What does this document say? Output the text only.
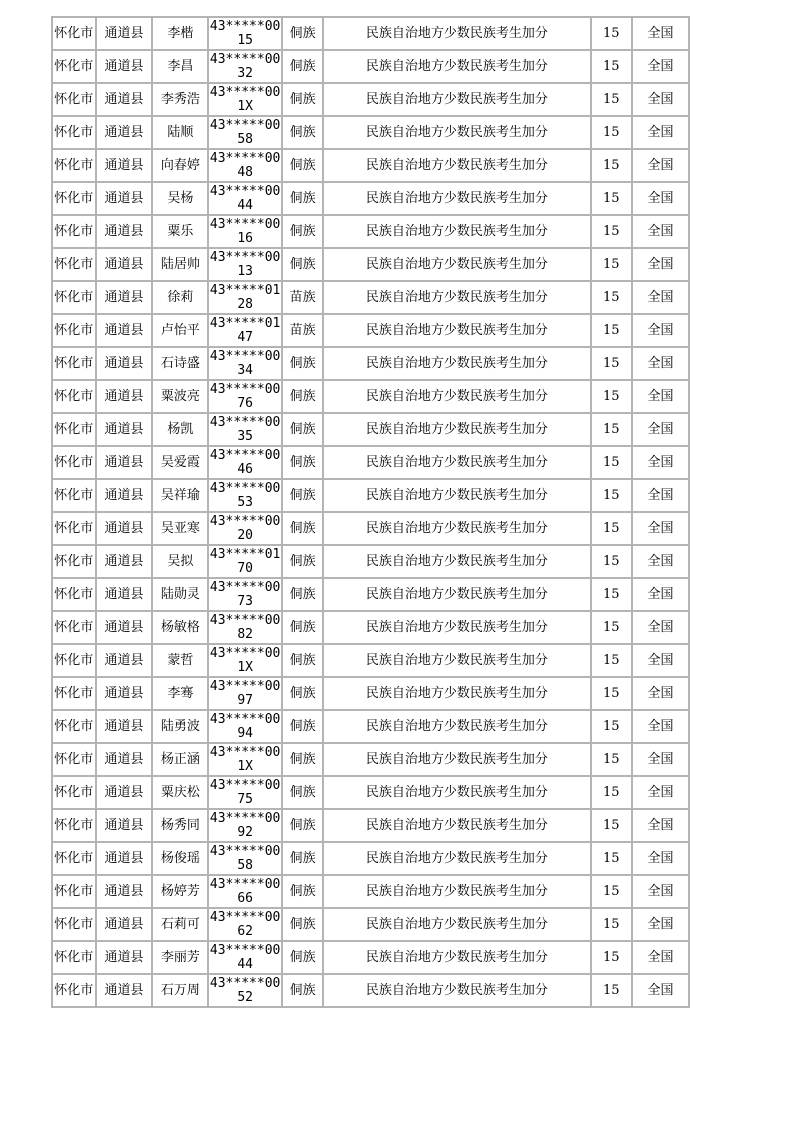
怀化市	通道县	李楷	43*****0015	侗族	民族自治地方少数民族考生加分	15	全国
怀化市	通道县	李昌	43*****0032	侗族	民族自治地方少数民族考生加分	15	全国
怀化市	通道县	李秀浩	43*****001X	侗族	民族自治地方少数民族考生加分	15	全国
怀化市	通道县	陆顺	43*****0058	侗族	民族自治地方少数民族考生加分	15	全国
怀化市	通道县	向春婷	43*****0048	侗族	民族自治地方少数民族考生加分	15	全国
怀化市	通道县	吴杨	43*****0044	侗族	民族自治地方少数民族考生加分	15	全国
怀化市	通道县	粟乐	43*****0016	侗族	民族自治地方少数民族考生加分	15	全国
怀化市	通道县	陆居帅	43*****0013	侗族	民族自治地方少数民族考生加分	15	全国
怀化市	通道县	徐莉	43*****0128	苗族	民族自治地方少数民族考生加分	15	全国
怀化市	通道县	卢怡平	43*****0147	苗族	民族自治地方少数民族考生加分	15	全国
怀化市	通道县	石诗盛	43*****0034	侗族	民族自治地方少数民族考生加分	15	全国
怀化市	通道县	粟波亮	43*****0076	侗族	民族自治地方少数民族考生加分	15	全国
怀化市	通道县	杨凯	43*****0035	侗族	民族自治地方少数民族考生加分	15	全国
怀化市	通道县	吴爱霞	43*****0046	侗族	民族自治地方少数民族考生加分	15	全国
怀化市	通道县	吴祥瑜	43*****0053	侗族	民族自治地方少数民族考生加分	15	全国
怀化市	通道县	吴亚寒	43*****0020	侗族	民族自治地方少数民族考生加分	15	全国
怀化市	通道县	吴拟	43*****0170	侗族	民族自治地方少数民族考生加分	15	全国
怀化市	通道县	陆勋灵	43*****0073	侗族	民族自治地方少数民族考生加分	15	全国
怀化市	通道县	杨敏格	43*****0082	侗族	民族自治地方少数民族考生加分	15	全国
怀化市	通道县	蒙哲	43*****001X	侗族	民族自治地方少数民族考生加分	15	全国
怀化市	通道县	李骞	43*****0097	侗族	民族自治地方少数民族考生加分	15	全国
怀化市	通道县	陆勇波	43*****0094	侗族	民族自治地方少数民族考生加分	15	全国
怀化市	通道县	杨正涵	43*****001X	侗族	民族自治地方少数民族考生加分	15	全国
怀化市	通道县	粟庆松	43*****0075	侗族	民族自治地方少数民族考生加分	15	全国
怀化市	通道县	杨秀同	43*****0092	侗族	民族自治地方少数民族考生加分	15	全国
怀化市	通道县	杨俊瑶	43*****0058	侗族	民族自治地方少数民族考生加分	15	全国
怀化市	通道县	杨婷芳	43*****0066	侗族	民族自治地方少数民族考生加分	15	全国
怀化市	通道县	石莉可	43*****0062	侗族	民族自治地方少数民族考生加分	15	全国
怀化市	通道县	李丽芳	43*****0044	侗族	民族自治地方少数民族考生加分	15	全国
怀化市	通道县	石万周	43*****0052	侗族	民族自治地方少数民族考生加分	15	全国
